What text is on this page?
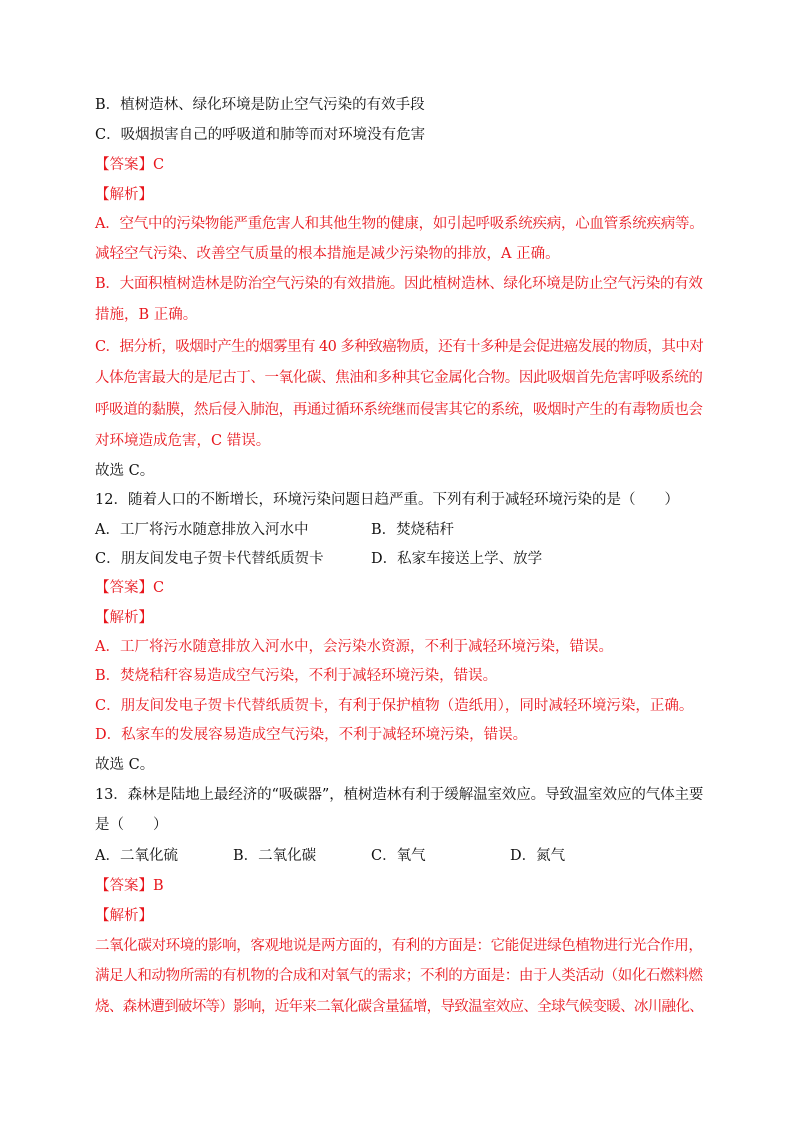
B．植树造林、绿化环境是防止空气污染的有效手段
C．吸烟损害自己的呼吸道和肺等而对环境没有危害
【答案】C
【解析】
A．空气中的污染物能严重危害人和其他生物的健康，如引起呼吸系统疾病，心血管系统疾病等。
减轻空气污染、改善空气质量的根本措施是减少污染物的排放，A 正确。
B．大面积植树造林是防治空气污染的有效措施。因此植树造林、绿化环境是防止空气污染的有效
措施，B 正确。
C．据分析，吸烟时产生的烟雾里有 40 多种致癌物质，还有十多种是会促进癌发展的物质，其中对
人体危害最大的是尼古丁、一氧化碳、焦油和多种其它金属化合物。因此吸烟首先危害呼吸系统的
呼吸道的黏膜，然后侵入肺泡，再通过循环系统继而侵害其它的系统，吸烟时产生的有毒物质也会
对环境造成危害，C 错误。
故选 C。
12．随着人口的不断增长，环境污染问题日趋严重。下列有利于减轻环境污染的是（　　）
A．工厂将污水随意排放入河水中	B．焚烧秸秆
C．朋友间发电子贺卡代替纸质贺卡	D．私家车接送上学、放学
【答案】C
【解析】
A．工厂将污水随意排放入河水中，会污染水资源，不利于减轻环境污染，错误。
B．焚烧秸秆容易造成空气污染，不利于减轻环境污染，错误。
C．朋友间发电子贺卡代替纸质贺卡，有利于保护植物（造纸用），同时减轻环境污染，正确。
D．私家车的发展容易造成空气污染，不利于减轻环境污染，错误。
故选 C。
13．森林是陆地上最经济的“吸碳器”，植树造林有利于缓解温室效应。导致温室效应的气体主要
是（　　）
A．二氧化硫	B．二氧化碳	C．氧气	D．氮气
【答案】B
【解析】
二氧化碳对环境的影响，客观地说是两方面的，有利的方面是：它能促进绿色植物进行光合作用，
满足人和动物所需的有机物的合成和对氧气的需求；不利的方面是：由于人类活动（如化石燃料燃
烧、森林遭到破坏等）影响，近年来二氧化碳含量猛增，导致温室效应、全球气候变暖、冰川融化、
